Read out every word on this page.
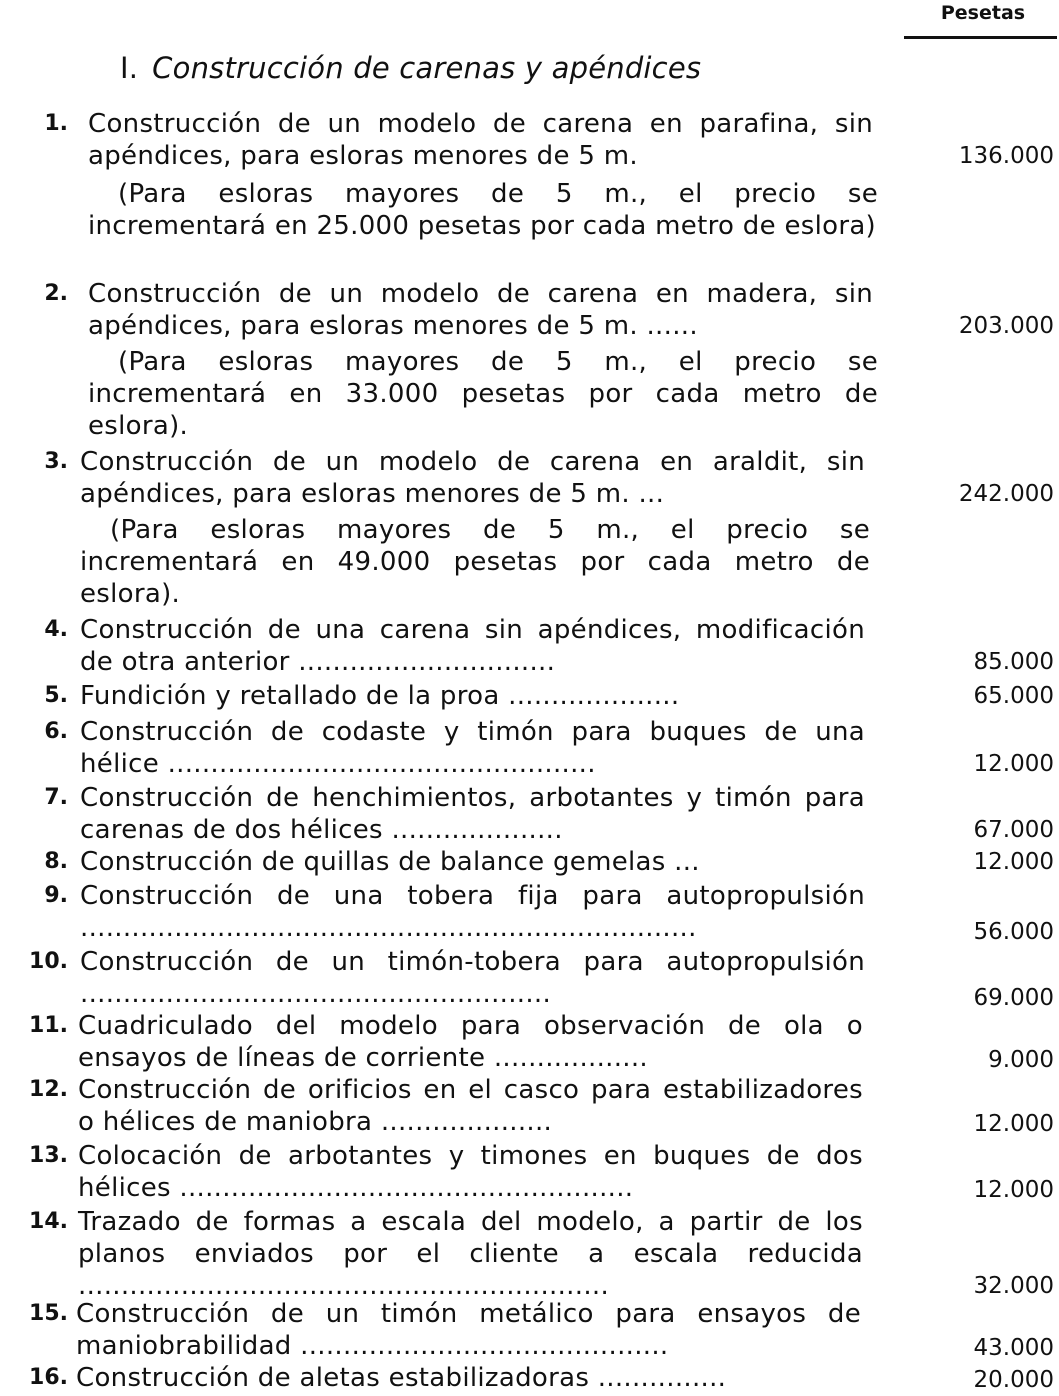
Pesetas
I. Construcción de carenas y apéndices
1. Construcción de un modelo de carena en parafina, sin apéndices, para esloras menores de 5 m.	136.000

(Para esloras mayores de 5 m., el precio se incrementará en 25.000 pesetas por cada metro de eslora)

2. Construcción de un modelo de carena en madera, sin apéndices, para esloras menores de 5 m. ......	203.000

(Para esloras mayores de 5 m., el precio se incrementará en 33.000 pesetas por cada metro de eslora).

3. Construcción de un modelo de carena en araldit, sin apéndices, para esloras menores de 5 m. ...	242.000

(Para esloras mayores de 5 m., el precio se incrementará en 49.000 pesetas por cada metro de eslora).

4. Construcción de una carena sin apéndices, modificación de otra anterior ..............................	85.000
5. Fundición y retallado de la proa ....................	65.000
6. Construcción de codaste y timón para buques de una hélice ..................................................	12.000
7. Construcción de henchimientos, arbotantes y timón para carenas de dos hélices ....................	67.000
8. Construcción de quillas de balance gemelas ...	12.000
9. Construcción de una tobera fija para autopropulsión ........................................................................	56.000
10. Construcción de un timón-tobera para autopropulsión .......................................................	69.000
11. Cuadriculado del modelo para observación de ola o ensayos de líneas de corriente ..................	9.000
12. Construcción de orificios en el casco para estabilizadores o hélices de maniobra ....................	12.000
13. Colocación de arbotantes y timones en buques de dos hélices .....................................................	12.000
14. Trazado de formas a escala del modelo, a partir de los planos enviados por el cliente a escala reducida ..............................................................	32.000
15. Construcción de un timón metálico para ensayos de maniobrabilidad ...........................................	43.000
16. Construcción de aletas estabilizadoras ...............	20.000
